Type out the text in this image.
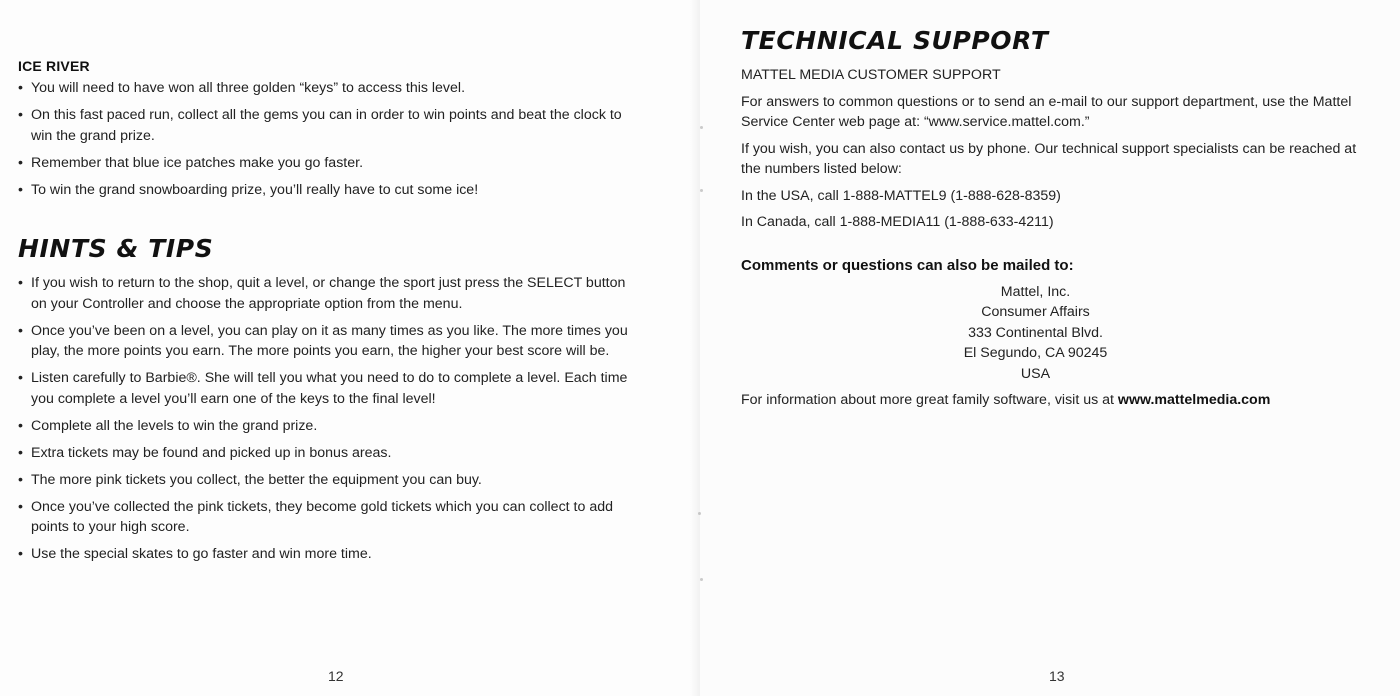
ICE RIVER
• You will need to have won all three golden “keys” to access this level.
• On this fast paced run, collect all the gems you can in order to win points and beat the clock to win the grand prize.
• Remember that blue ice patches make you go faster.
• To win the grand snowboarding prize, you’ll really have to cut some ice!
HINTS & TIPS
• If you wish to return to the shop, quit a level, or change the sport just press the SELECT button on your Controller and choose the appropriate option from the menu.
• Once you’ve been on a level, you can play on it as many times as you like. The more times you play, the more points you earn. The more points you earn, the higher your best score will be.
• Listen carefully to Barbie®. She will tell you what you need to do to complete a level. Each time you complete a level you’ll earn one of the keys to the final level!
• Complete all the levels to win the grand prize.
• Extra tickets may be found and picked up in bonus areas.
• The more pink tickets you collect, the better the equipment you can buy.
• Once you’ve collected the pink tickets, they become gold tickets which you can collect to add points to your high score.
• Use the special skates to go faster and win more time.
12
TECHNICAL SUPPORT

MATTEL MEDIA CUSTOMER SUPPORT

For answers to common questions or to send an e-mail to our support department, use the Mattel Service Center web page at: “www.service.mattel.com.”

If you wish, you can also contact us by phone. Our technical support specialists can be reached at the numbers listed below:

In the USA, call 1-888-MATTEL9 (1-888-628-8359)

In Canada, call 1-888-MEDIA11 (1-888-633-4211)

Comments or questions can also be mailed to:
Mattel, Inc.
Consumer Affairs
333 Continental Blvd.
El Segundo, CA 90245
USA

For information about more great family software, visit us at www.mattelmedia.com

13
